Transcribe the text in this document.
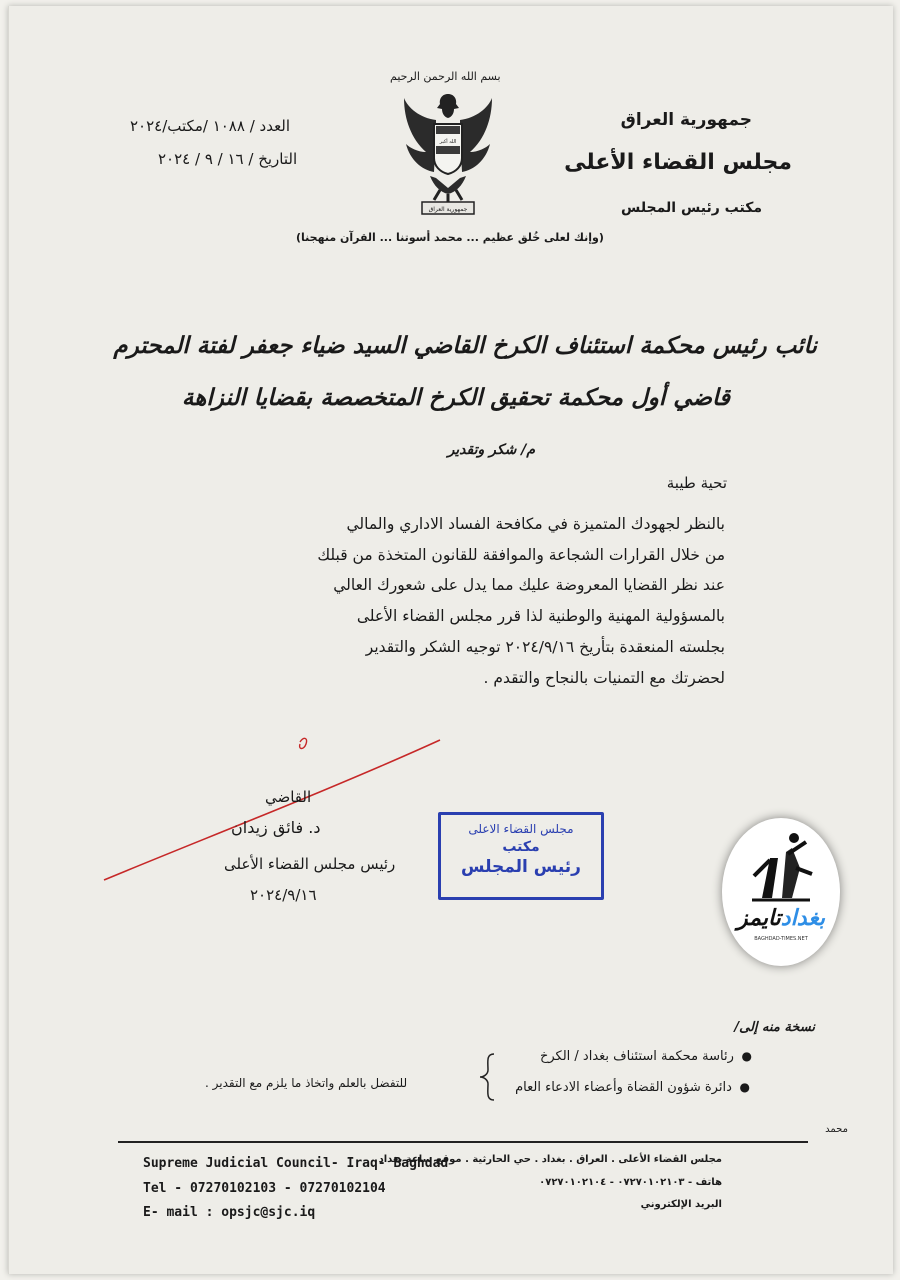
بسم الله الرحمن الرحيم
جمهورية العراق
مجلس القضاء الأعلى
مكتب رئيس المجلس
العدد / ١٠٨٨ /مكتب/٢٠٢٤
التاريخ / ١٦ / ٩ / ٢٠٢٤
الله أكبر
جمهورية العراق
(وإنك لعلى خُلق عظيم ... محمد أسوتنا ... القرآن منهجنا)
نائب رئيس محكمة استئناف الكرخ القاضي السيد ضياء جعفر لفتة المحترم
قاضي أول محكمة تحقيق الكرخ المتخصصة بقضايا النزاهة
م/ شكر وتقدير
تحية طيبة
بالنظر لجهودك المتميزة في مكافحة الفساد الاداري والمالي
من خلال القرارات الشجاعة والموافقة للقانون المتخذة من قبلك
عند نظر القضايا المعروضة عليك مما يدل على شعورك العالي
بالمسؤولية المهنية والوطنية لذا قرر مجلس القضاء الأعلى
بجلسته المنعقدة بتأريخ ٢٠٢٤/٩/١٦ توجيه الشكر والتقدير
لحضرتك مع التمنيات بالنجاح والتقدم .
القاضي
د. فائق زيدان
رئيس مجلس القضاء الأعلى
٢٠٢٤/٩/١٦
مجلس القضاء الاعلى
مكتب
رئيس المجلس
بغدادتايمز
BAGHDAD-TIMES.NET
نسخة منه إلى/
●  رئاسة محكمة استئناف بغداد / الكرخ
●  دائرة شؤون القضاة وأعضاء الادعاء العام
للتفضل بالعلم واتخاذ ما يلزم مع التقدير .
محمد
Supreme Judicial Council- Iraq- Baghdad
Tel - 07270102103 - 07270102104
E- mail : opsjc@sjc.iq
مجلس القضاء الأعلى . العراق . بغداد . حي الحارثية . موقع ساعة بغداد
هاتف - ٠٧٢٧٠١٠٢١٠٣ - ٠٧٢٧٠١٠٢١٠٤
البريد الإلكتروني
